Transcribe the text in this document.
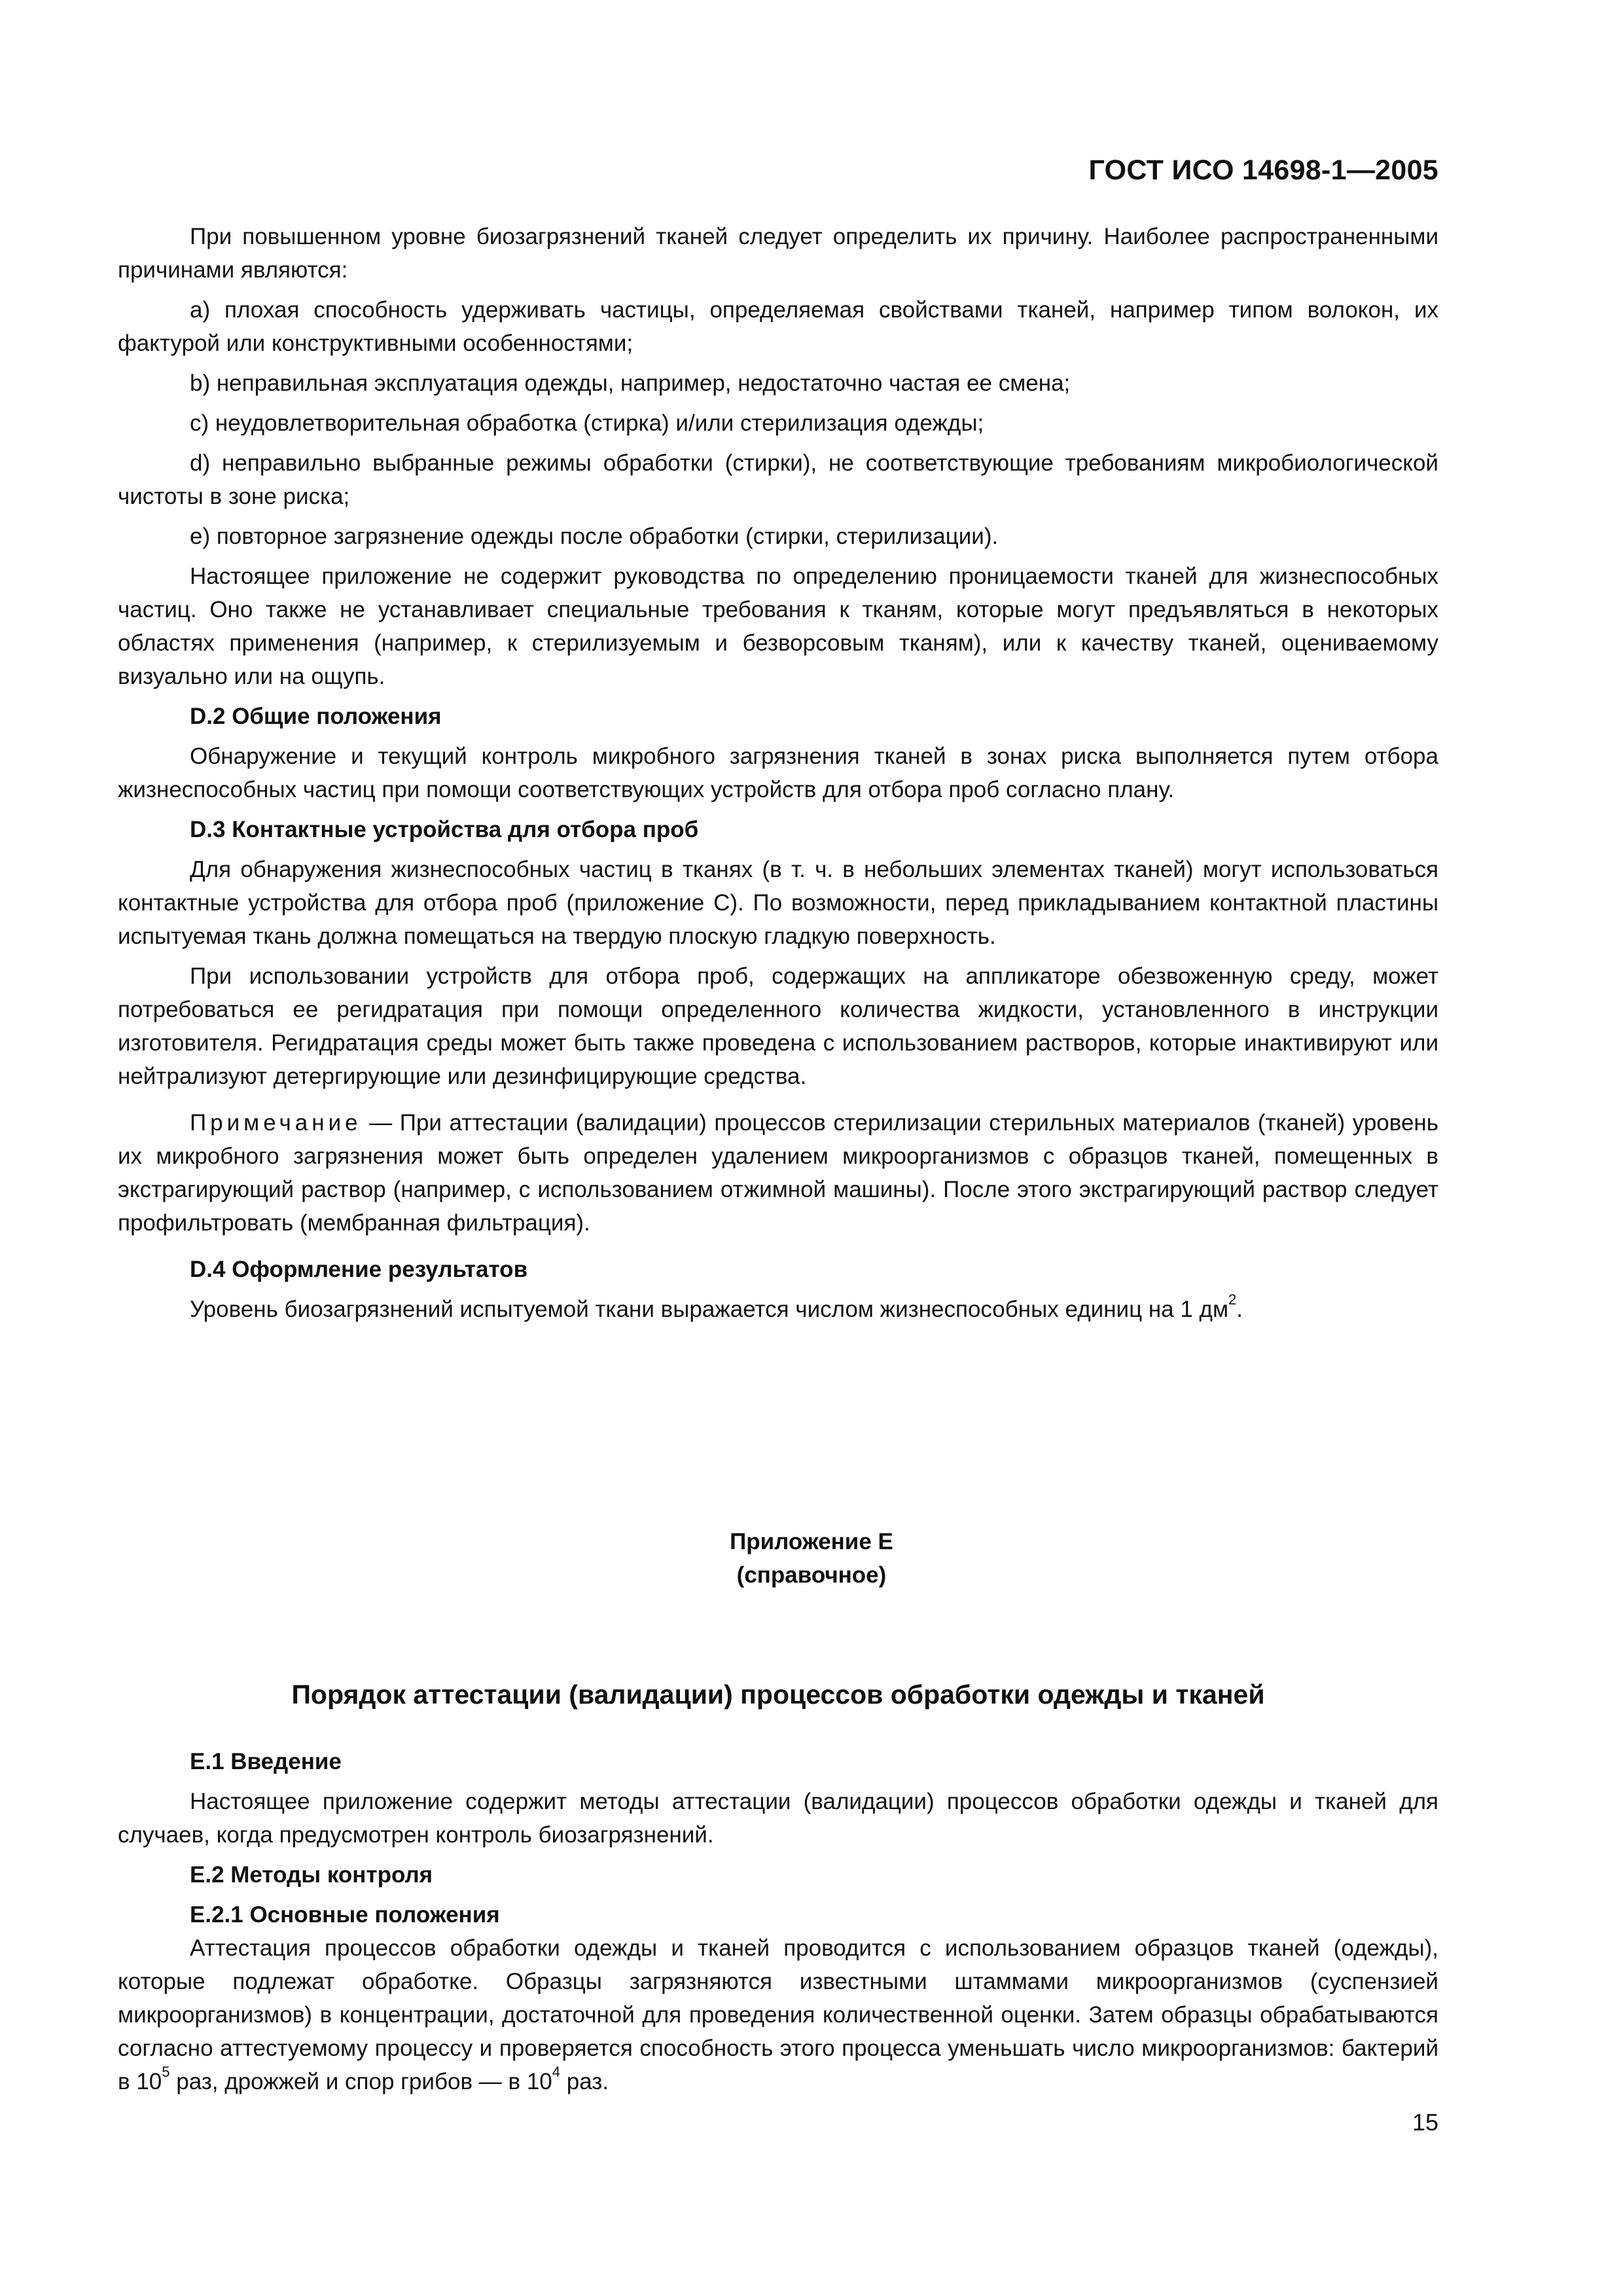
ГОСТ ИСО 14698-1—2005

При повышенном уровне биозагрязнений тканей следует определить их причину. Наиболее распространенными причинами являются:

a) плохая способность удерживать частицы, определяемая свойствами тканей, например типом волокон, их фактурой или конструктивными особенностями;

b) неправильная эксплуатация одежды, например, недостаточно частая ее смена;

c) неудовлетворительная обработка (стирка) и/или стерилизация одежды;

d) неправильно выбранные режимы обработки (стирки), не соответствующие требованиям микробиологической чистоты в зоне риска;

e) повторное загрязнение одежды после обработки (стирки, стерилизации).

Настоящее приложение не содержит руководства по определению проницаемости тканей для жизнеспособных частиц. Оно также не устанавливает специальные требования к тканям, которые могут предъявляться в некоторых областях применения (например, к стерилизуемым и безворсовым тканям), или к качеству тканей, оцениваемому визуально или на ощупь.

D.2 Общие положения

Обнаружение и текущий контроль микробного загрязнения тканей в зонах риска выполняется путем отбора жизнеспособных частиц при помощи соответствующих устройств для отбора проб согласно плану.

D.3 Контактные устройства для отбора проб

Для обнаружения жизнеспособных частиц в тканях (в т. ч. в небольших элементах тканей) могут использоваться контактные устройства для отбора проб (приложение С). По возможности, перед прикладыванием контактной пластины испытуемая ткань должна помещаться на твердую плоскую гладкую поверхность.

При использовании устройств для отбора проб, содержащих на аппликаторе обезвоженную среду, может потребоваться ее регидратация при помощи определенного количества жидкости, установленного в инструкции изготовителя. Регидратация среды может быть также проведена с использованием растворов, которые инактивируют или нейтрализуют детергирующие или дезинфицирующие средства.

Примечание — При аттестации (валидации) процессов стерилизации стерильных материалов (тканей) уровень их микробного загрязнения может быть определен удалением микроорганизмов с образцов тканей, помещенных в экстрагирующий раствор (например, с использованием отжимной машины). После этого экстрагирующий раствор следует профильтровать (мембранная фильтрация).

D.4 Оформление результатов

Уровень биозагрязнений испытуемой ткани выражается числом жизнеспособных единиц на 1 $дм^2$.

Приложение Е
(справочное)
Порядок аттестации (валидации) процессов обработки одежды и тканей

Е.1 Введение

Настоящее приложение содержит методы аттестации (валидации) процессов обработки одежды и тканей для случаев, когда предусмотрен контроль биозагрязнений.

Е.2 Методы контроля

Е.2.1 Основные положения

Аттестация процессов обработки одежды и тканей проводится с использованием образцов тканей (одежды), которые подлежат обработке. Образцы загрязняются известными штаммами микроорганизмов (суспензией микроорганизмов) в концентрации, достаточной для проведения количественной оценки. Затем образцы обрабатываются согласно аттестуемому процессу и проверяется способность этого процесса уменьшать число микроорганизмов: бактерий в $10^5$ раз, дрожжей и спор грибов — в $10^4$ раз.

15
